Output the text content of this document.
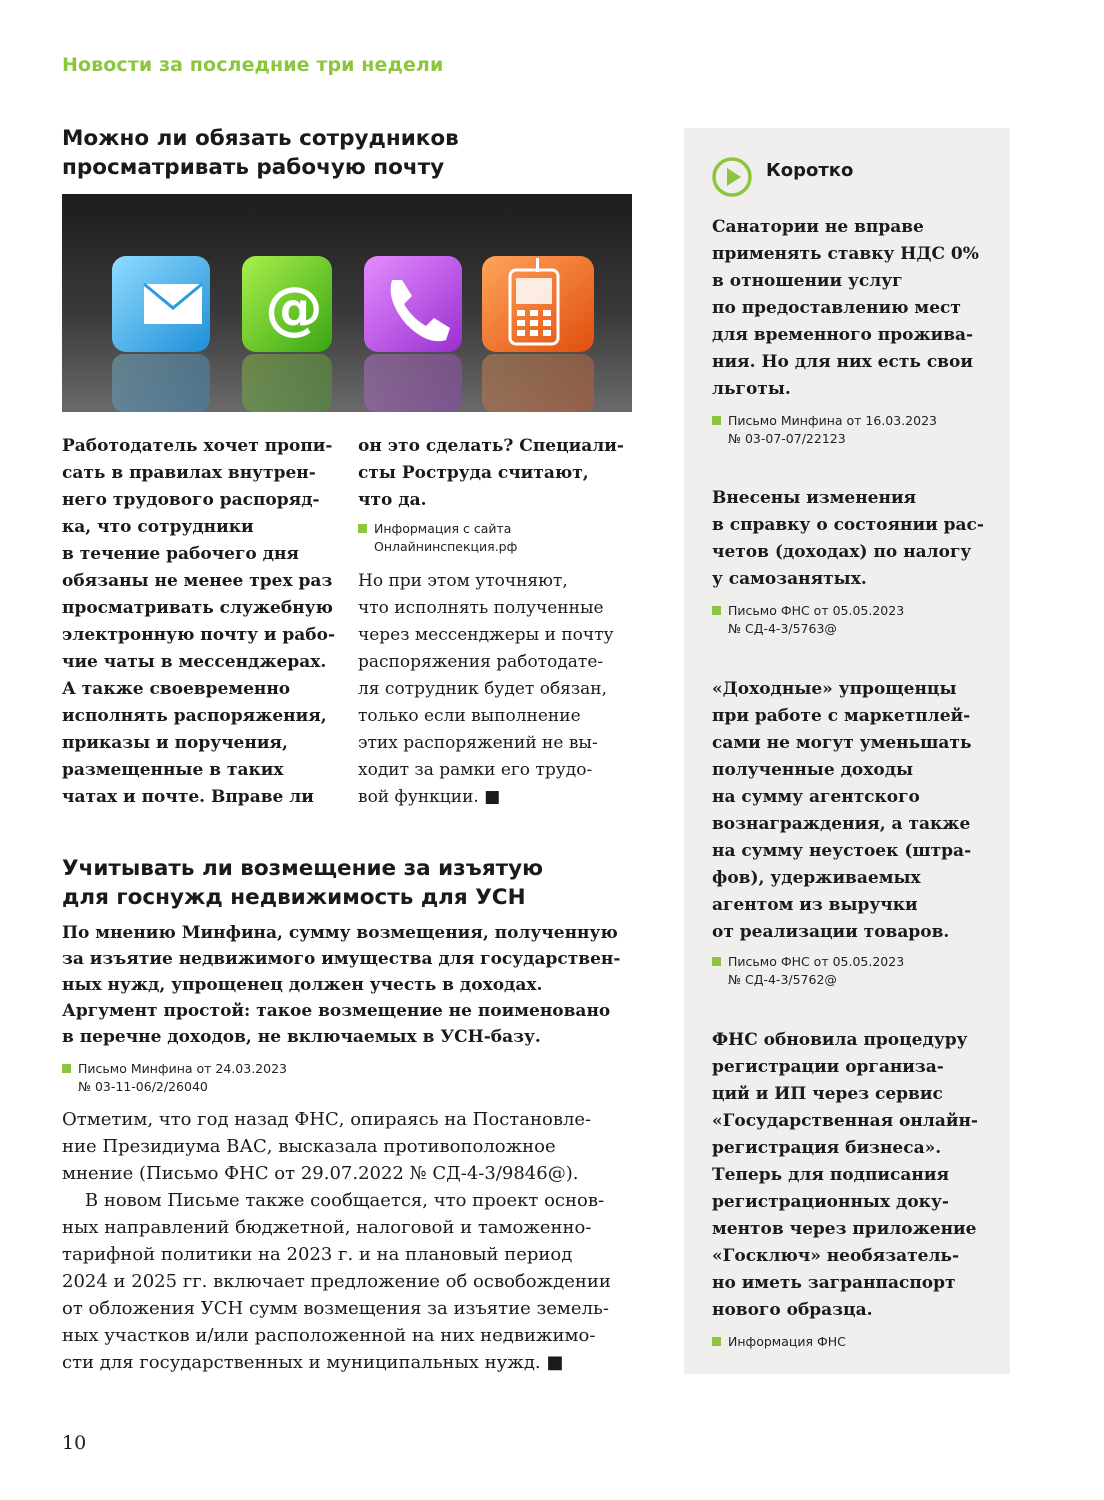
Новости за последние три недели
Можно ли обязать сотрудников
просматривать рабочую почту
@
Работодатель хочет пропи-
сать в правилах внутрен-
него трудового распоряд-
ка, что сотрудники
в течение рабочего дня
обязаны не менее трех раз
просматривать служебную
электронную почту и рабо-
чие чаты в мессенджерах.
А также своевременно
исполнять распоряжения,
приказы и поручения,
размещенные в таких
чатах и почте. Вправе ли
он это сделать? Специали-
сты Роструда считают,
что да.
Информация с сайта
Онлайнинспекция.рф
Но при этом уточняют,
что исполнять полученные
через мессенджеры и почту
распоряжения работодате-
ля сотрудник будет обязан,
только если выполнение
этих распоряжений не вы-
ходит за рамки его трудо-
вой функции. ■
Учитывать ли возмещение за изъятую
для госнужд недвижимость для УСН
По мнению Минфина, сумму возмещения, полученную
за изъятие недвижимого имущества для государствен-
ных нужд, упрощенец должен учесть в доходах.
Аргумент простой: такое возмещение не поименовано
в перечне доходов, не включаемых в УСН-базу.
Письмо Минфина от 24.03.2023
№ 03-11-06/2/26040
Отметим, что год назад ФНС, опираясь на Постановле-
ние Президиума ВАС, высказала противоположное
мнение (Письмо ФНС от 29.07.2022 № СД-4-3/9846@).
В новом Письме также сообщается, что проект основ-
ных направлений бюджетной, налоговой и таможенно-
тарифной политики на 2023 г. и на плановый период
2024 и 2025 гг. включает предложение об освобождении
от обложения УСН сумм возмещения за изъятие земель-
ных участков и/или расположенной на них недвижимо-
сти для государственных и муниципальных нужд. ■
Коротко
Санатории не вправе
применять ставку НДС 0%
в отношении услуг
по предоставлению мест
для временного прожива-
ния. Но для них есть свои
льготы.
Письмо Минфина от 16.03.2023
№ 03-07-07/22123
Внесены изменения
в справку о состоянии рас-
четов (доходах) по налогу
у самозанятых.
Письмо ФНС от 05.05.2023
№ СД-4-3/5763@
«Доходные» упрощенцы
при работе с маркетплей-
сами не могут уменьшать
полученные доходы
на сумму агентского
вознаграждения, а также
на сумму неустоек (штра-
фов), удерживаемых
агентом из выручки
от реализации товаров.
Письмо ФНС от 05.05.2023
№ СД-4-3/5762@
ФНС обновила процедуру
регистрации организа-
ций и ИП через сервис
«Государственная онлайн-
регистрация бизнеса».
Теперь для подписания
регистрационных доку-
ментов через приложение
«Госключ» необязатель-
но иметь загранпаспорт
нового образца.
Информация ФНС
10
